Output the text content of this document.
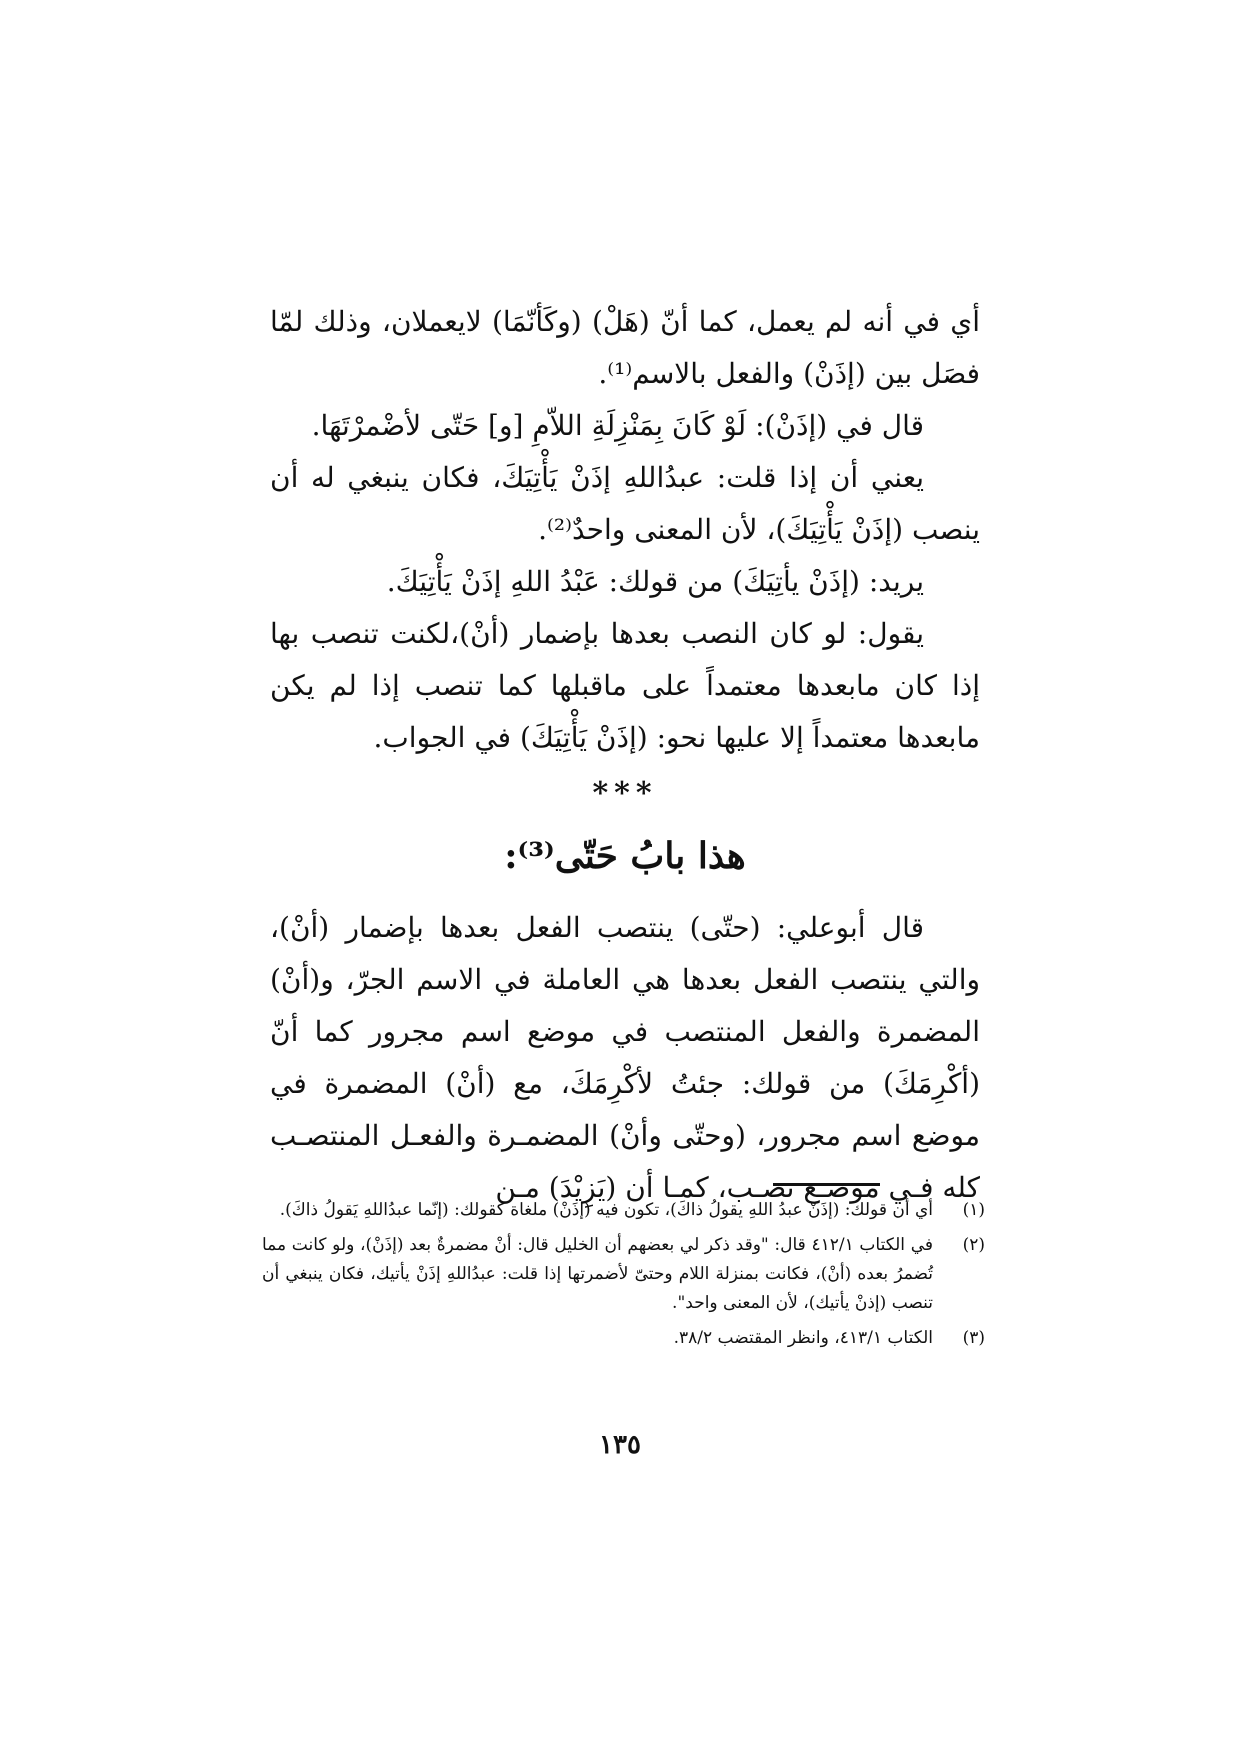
أي في أنه لم يعمل، كما أنّ (هَلْ) (وكَأنّمَا) لايعملان، وذلك لمّا فصَل بين (إذَنْ) والفعل بالاسم⁽¹⁾.

قال في (إذَنْ): لَوْ كَانَ بِمَنْزِلَةِ اللاّمِ [و] حَتّى لأضْمرْتَهَا.

يعني أن إذا قلت: عبدُاللهِ إذَنْ يَأْتِيَكَ، فكان ينبغي له أن ينصب (إذَنْ يَأْتِيَكَ)، لأن المعنى واحدٌ⁽²⁾.

يريد: (إذَنْ يأتِيَكَ) من قولك: عَبْدُ اللهِ إذَنْ يَأْتِيَكَ.

يقول: لو كان النصب بعدها بإضمار (أنْ)،لكنت تنصب بها إذا كان مابعدها معتمداً على ماقبلها كما تنصب إذا لم يكن مابعدها معتمداً إلا عليها نحو: (إذَنْ يَأْتِيَكَ) في الجواب.

***
هذا بابُ حَتّى⁽³⁾:

قال أبوعلي: (حتّى) ينتصب الفعل بعدها بإضمار (أنْ)، والتي ينتصب الفعل بعدها هي العاملة في الاسم الجرّ، و(أنْ) المضمرة والفعل المنتصب في موضع اسم مجرور كما أنّ (أكْرِمَكَ) من قولك: جئتُ لأكْرِمَكَ، مع (أنْ) المضمرة في موضع اسم مجرور، (وحتّى وأنْ) المضمـرة والفعـل المنتصـب كله فـي موضـع نصـب، كمـا أن (يَزِيْدَ) مـن

(١)
أي أن قولك: (إذَنْ عبدُ اللهِ يقولُ ذاكَ)، تكون فيه (إذَنْ) ملغاة كقولك: (إنّما عبدُاللهِ يَقولُ ذاكَ).
(٢)
في الكتاب ٤١٢/١ قال: "وقد ذكر لي بعضهم أن الخليل قال: أنْ مضمرةٌ بعد (إذَنْ)، ولو كانت مما تُضمرُ بعده (أنْ)، فكانت بمنزلة اللام وحتىّ لأضمرتها إذا قلت: عبدُاللهِ إذَنْ يأتيك، فكان ينبغي أن تنصب (إذنْ يأتيك)، لأن المعنى واحد".
(٣)
الكتاب ٤١٣/١، وانظر المقتضب ٣٨/٢.
١٣٥
